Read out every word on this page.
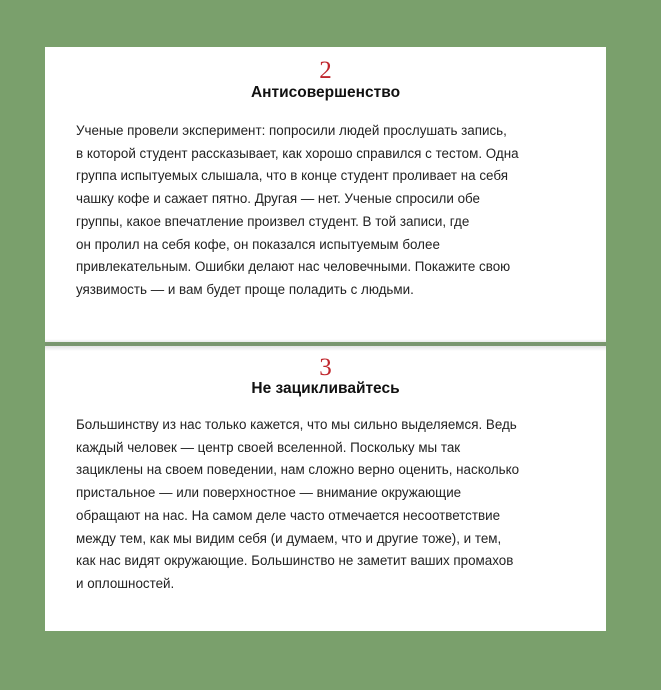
2
Антисовершенство

Ученые провели эксперимент: попросили людей прослушать запись,
в которой студент рассказывает, как хорошо справился с тестом. Одна
группа испытуемых слышала, что в конце студент проливает на себя
чашку кофе и сажает пятно. Другая — нет. Ученые спросили обе
группы, какое впечатление произвел студент. В той записи, где
он пролил на себя кофе, он показался испытуемым более
привлекательным. Ошибки делают нас человечными. Покажите свою
уязвимость — и вам будет проще поладить с людьми.

3
Не зацикливайтесь

Большинству из нас только кажется, что мы сильно выделяемся. Ведь
каждый человек — центр своей вселенной. Поскольку мы так
зациклены на своем поведении, нам сложно верно оценить, насколько
пристальное — или поверхностное — внимание окружающие
обращают на нас. На самом деле часто отмечается несоответствие
между тем, как мы видим себя (и думаем, что и другие тоже), и тем,
как нас видят окружающие. Большинство не заметит ваших промахов
и оплошностей.
